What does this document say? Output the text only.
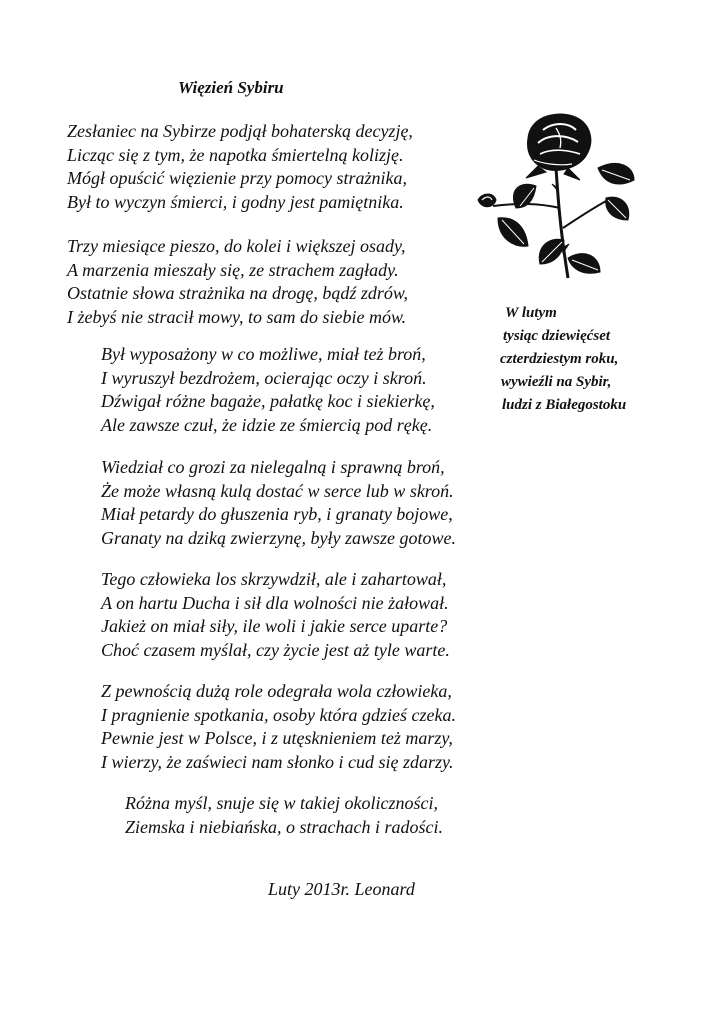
Więzień Sybiru
Zesłaniec na Sybirze podjął bohaterską decyzję,
Licząc się z tym, że napotka śmiertelną kolizję.
Mógł opuścić więzienie przy pomocy strażnika,
Był to wyczyn śmierci, i godny jest pamiętnika.
Trzy miesiące pieszo, do kolei i większej osady,
A marzenia mieszały się, ze strachem zagłady.
Ostatnie słowa strażnika na drogę, bądź zdrów,
I żebyś nie stracił mowy, to sam do siebie mów.
Był wyposażony w co możliwe, miał też broń,
I wyruszył bezdrożem, ocierając oczy i skroń.
Dźwigał różne bagaże, pałatkę koc i siekierkę,
Ale zawsze czuł, że idzie ze śmiercią pod rękę.
Wiedział co grozi za nielegalną i sprawną broń,
Że może własną kulą dostać w serce lub w skroń.
Miał petardy do głuszenia ryb, i granaty bojowe,
Granaty na dziką zwierzynę, były zawsze gotowe.
Tego człowieka los skrzywdził, ale i zahartował,
A on hartu Ducha i sił dla wolności nie żałował.
Jakież on miał siły, ile woli i jakie serce uparte?
Choć czasem myślał, czy życie jest aż tyle warte.
Z pewnością dużą role odegrała wola człowieka,
I pragnienie spotkania, osoby która gdzieś czeka.
Pewnie jest w Polsce, i z utęsknieniem też marzy,
I wierzy, że zaświeci nam słonko i cud się zdarzy.
Różna myśl, snuje się w takiej okoliczności,
Ziemska i niebiańska, o strachach i radości.
Luty 2013r. Leonard
W lutym
tysiąc dziewięćset
czterdziestym roku,
wywieźli na Sybir,
ludzi z Białegostoku
